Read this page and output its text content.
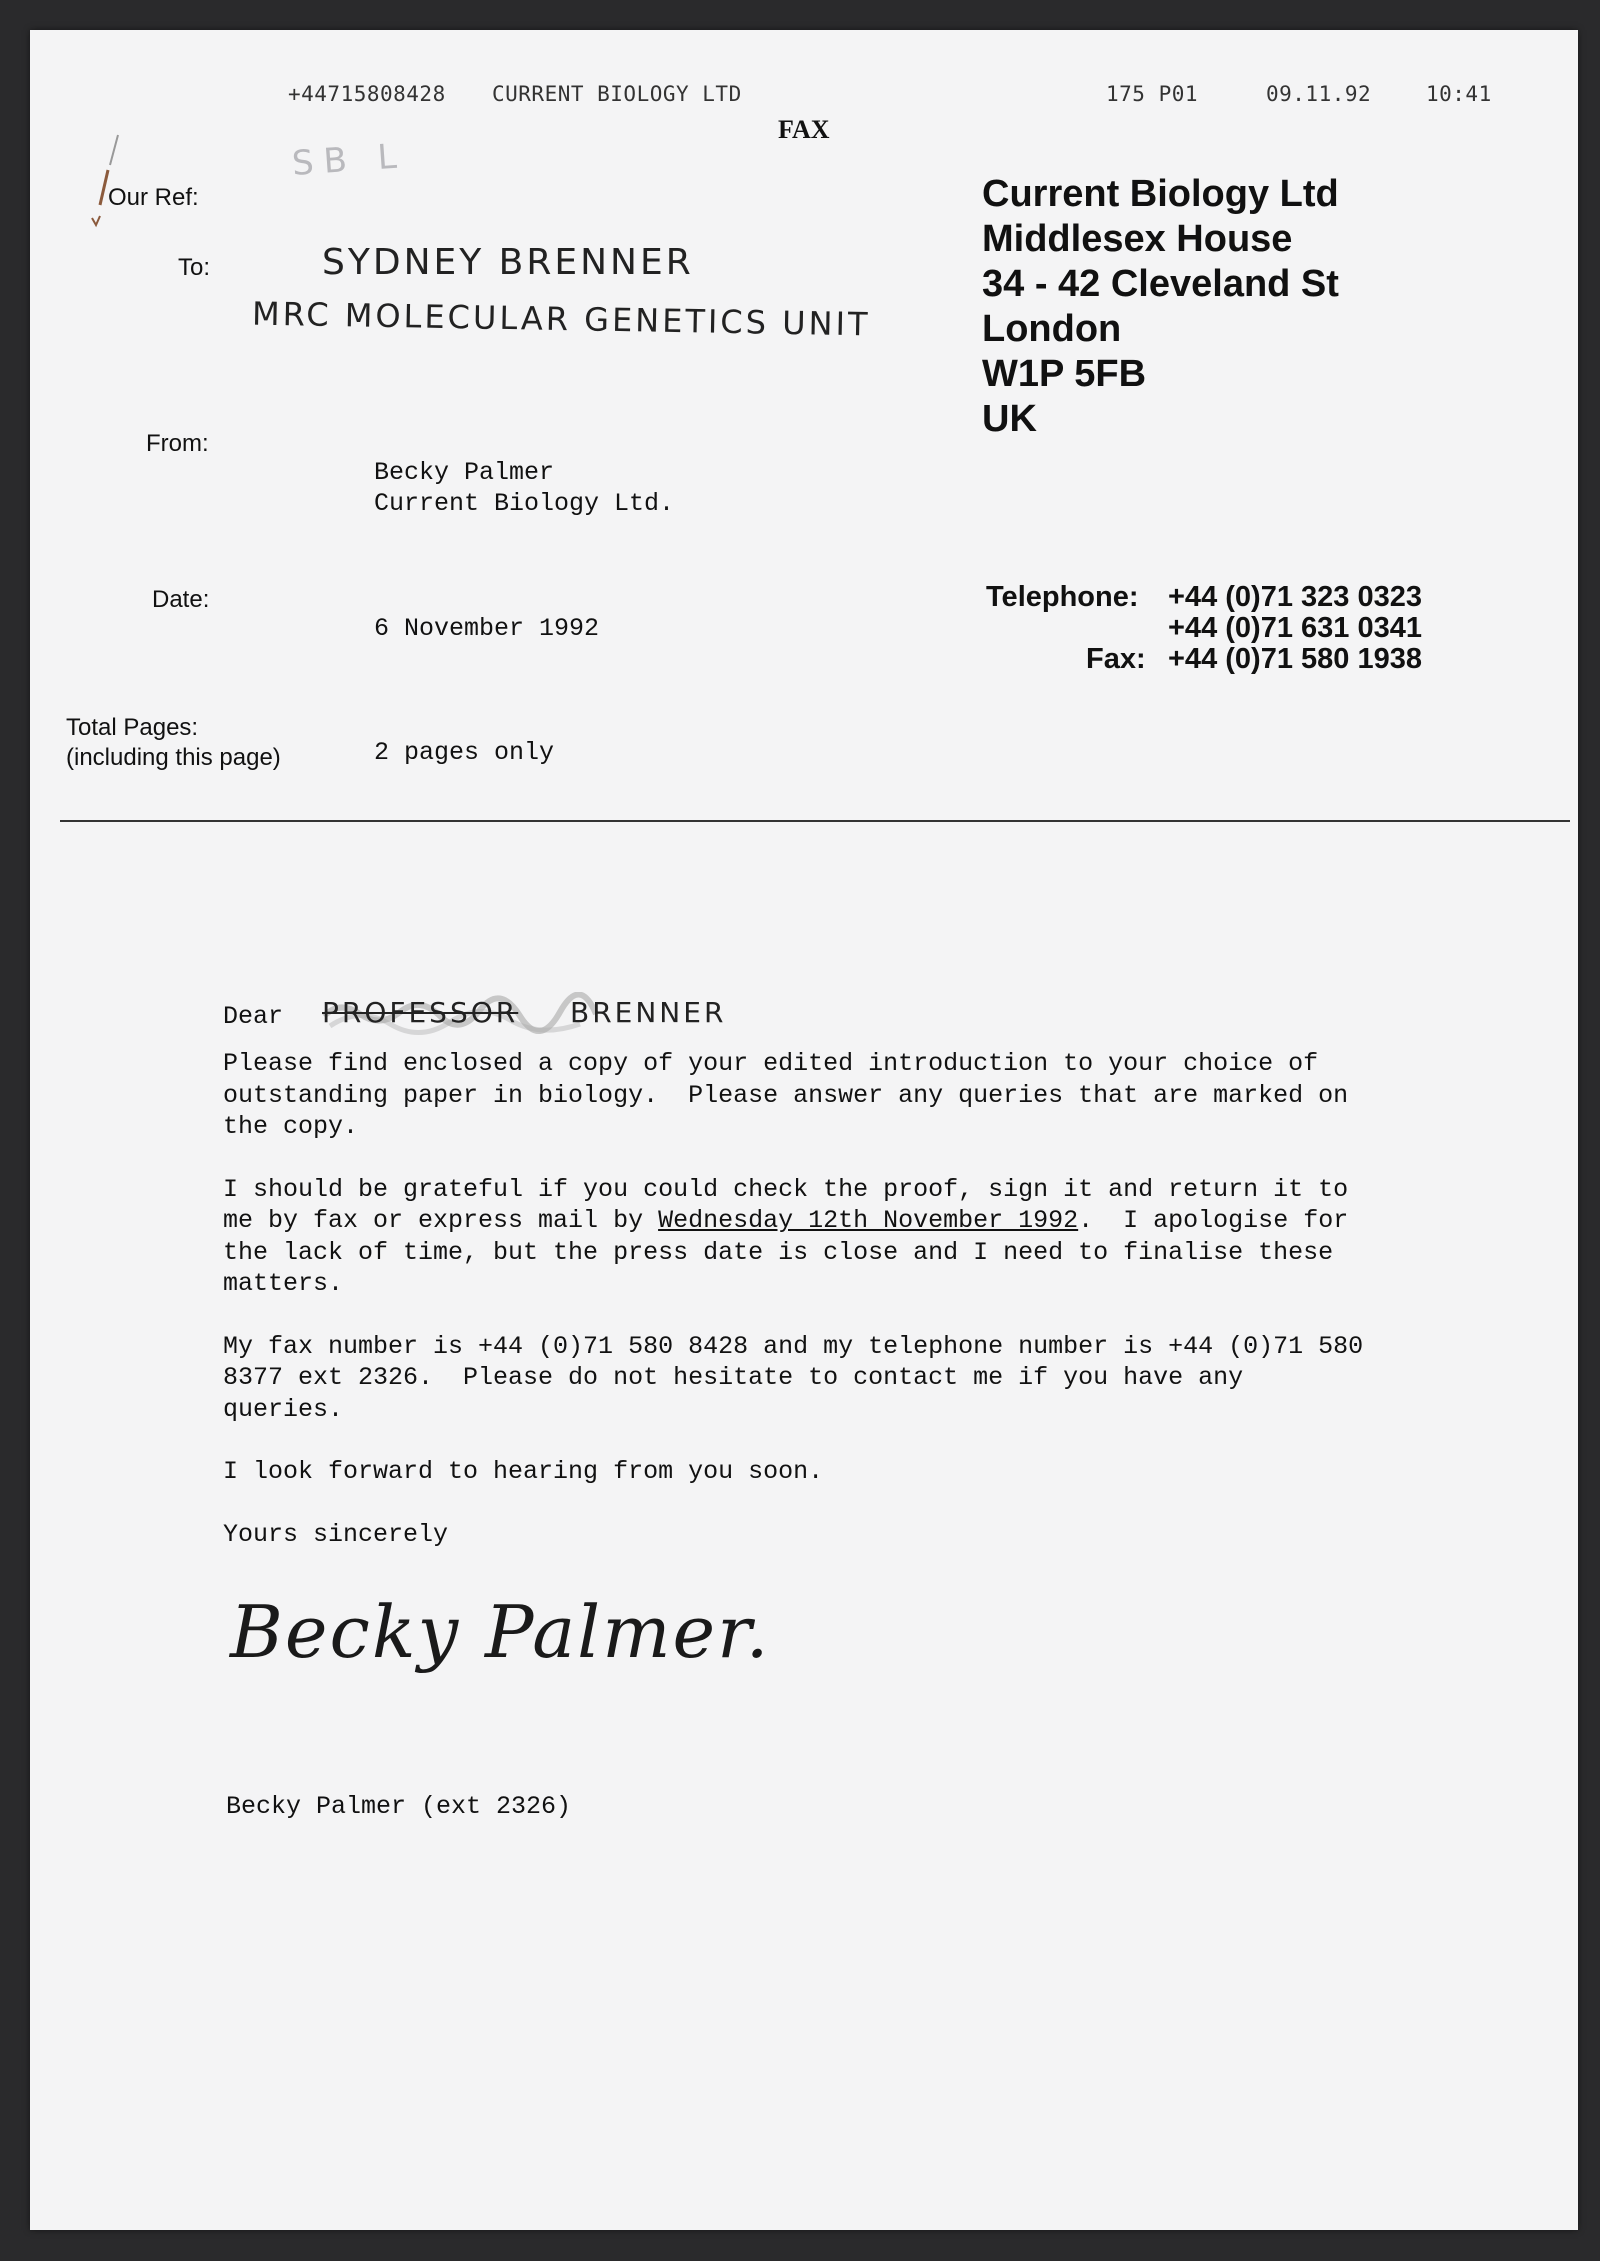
+44715808428 CURRENT BIOLOGY LTD	175 P01	09.11.92	10:41
FAX
SB L
Our Ref:
To:	SYDNEY BRENNER
MRC MOLECULAR GENETICS UNIT
From:
Becky Palmer
Current Biology Ltd.
Date:
6 November 1992
Total Pages:
(including this page)	2 pages only
Current Biology Ltd
Middlesex House
34 - 42 Cleveland St
London
W1P 5FB
UK
Telephone: +44 (0)71 323 0323
+44 (0)71 631 0341
Fax: +44 (0)71 580 1938
Dear PROFESSOR BRENNER

Please find enclosed a copy of your edited introduction to your choice of
outstanding paper in biology.  Please answer any queries that are marked on
the copy.

I should be grateful if you could check the proof, sign it and return it to
me by fax or express mail by Wednesday 12th November 1992.  I apologise for
the lack of time, but the press date is close and I need to finalise these
matters.

My fax number is +44 (0)71 580 8428 and my telephone number is +44 (0)71 580
8377 ext 2326.  Please do not hesitate to contact me if you have any
queries.

I look forward to hearing from you soon.

Yours sincerely

Becky Palmer.
Becky Palmer (ext 2326)
